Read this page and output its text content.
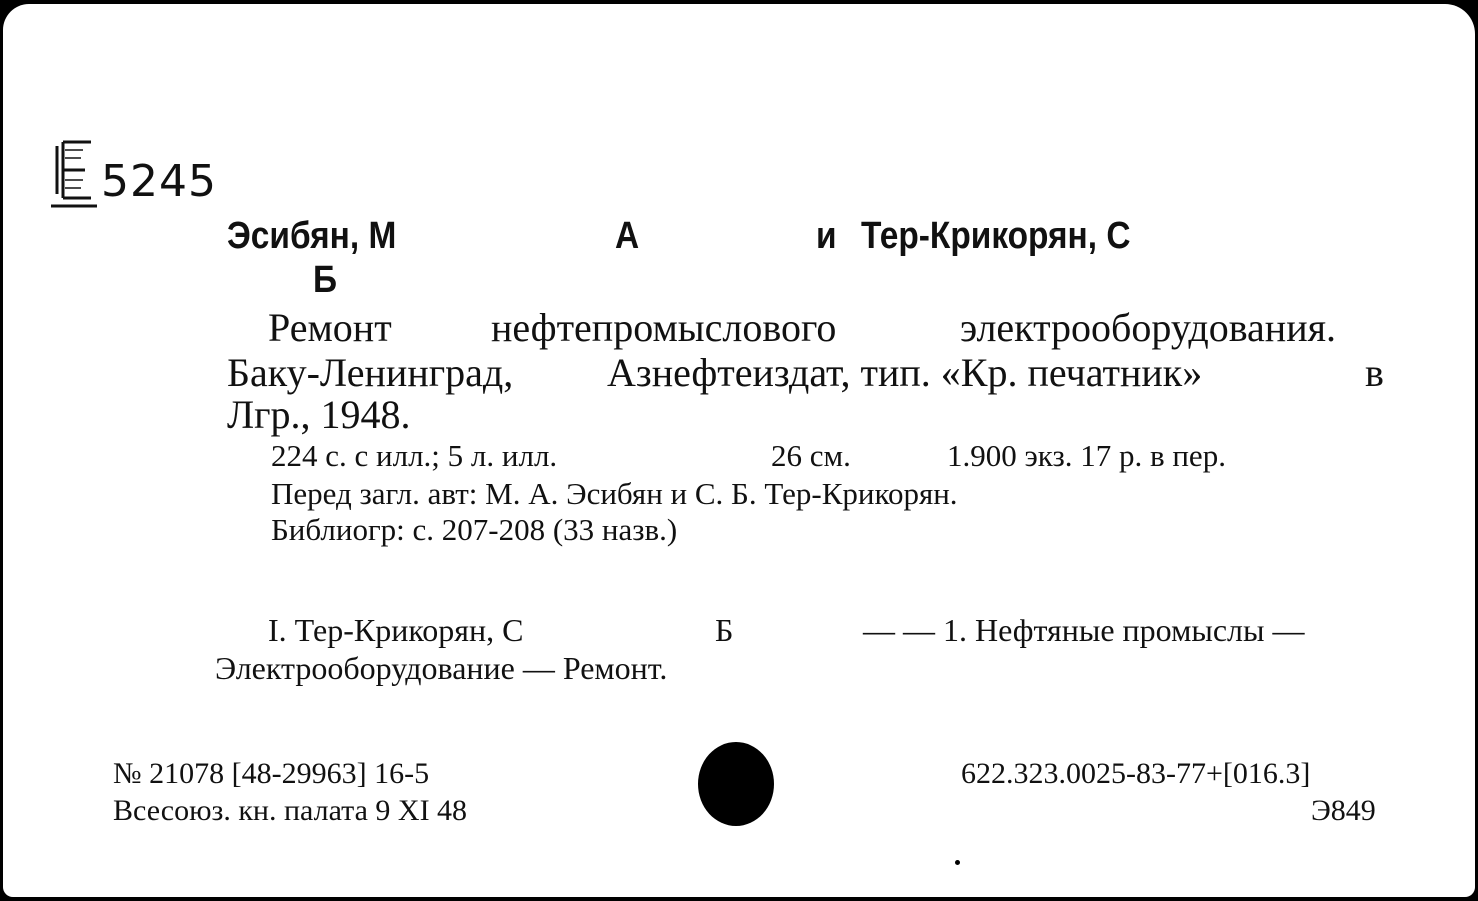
5245
Эсибян, М	А	и Тер-Крикорян, С
Б
Ремонт нефтепромыслового	электрооборудования.
Баку-Ленинград, Азнефтеиздат, тип. «Кр. печатник»	в
Лгр., 1948.
224 с. с илл.; 5 л. илл.	26 см.	1.900 экз. 17 р. в пер.
Перед загл. авт: М. А. Эсибян и С. Б. Тер-Крикорян.
Библиогр: с. 207-208 (33 назв.)
I. Тер-Крикорян, С	Б	— — 1. Нефтяные промыслы —
Электрооборудование — Ремонт.
№ 21078 [48-29963] 16-5
Всесоюз. кн. палата 9 XI 48
622.323.0025-83-77+[016.3]
Э849
